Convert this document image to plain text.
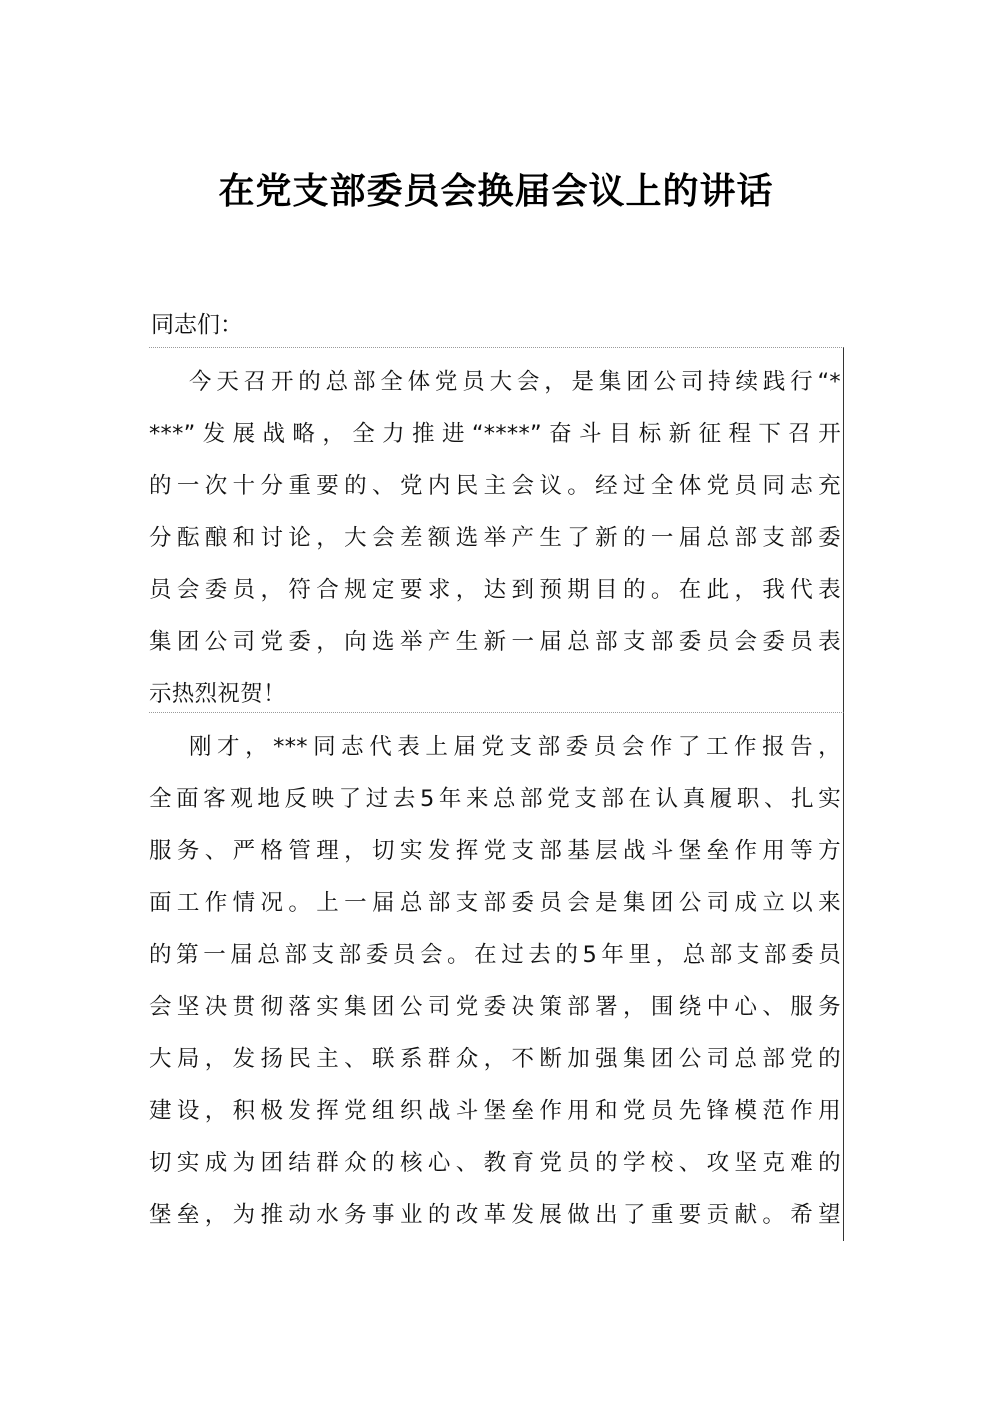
在党支部委员会换届会议上的讲话

同志们：

今天召开的总部全体党员大会，是集团公司持续践行“*
***”发展战略，全力推进“****”奋斗目标新征程下召开
的一次十分重要的、党内民主会议。经过全体党员同志充
分酝酿和讨论，大会差额选举产生了新的一届总部支部委
员会委员，符合规定要求，达到预期目的。在此，我代表
集团公司党委，向选举产生新一届总部支部委员会委员表
示热烈祝贺！
刚才，***同志代表上届党支部委员会作了工作报告，
全面客观地反映了过去5年来总部党支部在认真履职、扎实
服务、严格管理，切实发挥党支部基层战斗堡垒作用等方
面工作情况。上一届总部支部委员会是集团公司成立以来
的第一届总部支部委员会。在过去的5年里，总部支部委员
会坚决贯彻落实集团公司党委决策部署，围绕中心、服务
大局，发扬民主、联系群众，不断加强集团公司总部党的
建设，积极发挥党组织战斗堡垒作用和党员先锋模范作用
切实成为团结群众的核心、教育党员的学校、攻坚克难的
堡垒，为推动水务事业的改革发展做出了重要贡献。希望
